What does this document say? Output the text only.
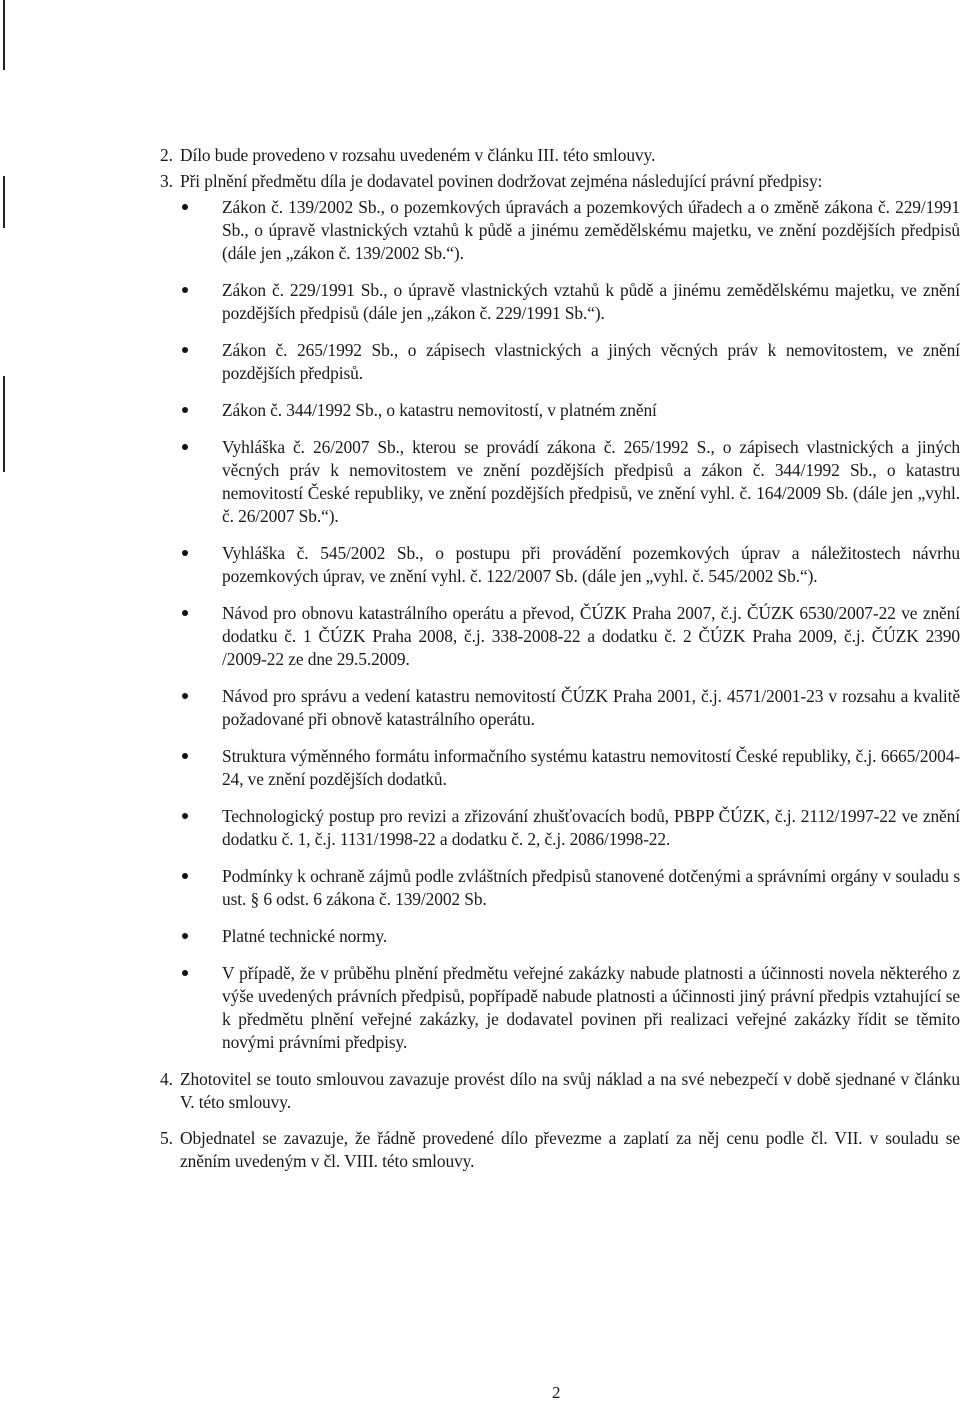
2. Dílo bude provedeno v rozsahu uvedeném v článku III. této smlouvy.
3. Při plnění předmětu díla je dodavatel povinen dodržovat zejména následující právní předpisy:
Zákon č. 139/2002 Sb., o pozemkových úpravách a pozemkových úřadech a o změně zákona č. 229/1991 Sb., o úpravě vlastnických vztahů k půdě a jinému zemědělskému majetku, ve znění pozdějších předpisů (dále jen „zákon č. 139/2002 Sb.“).
Zákon č. 229/1991 Sb., o úpravě vlastnických vztahů k půdě a jinému zemědělskému majetku, ve znění pozdějších předpisů (dále jen „zákon č. 229/1991 Sb.“).
Zákon č. 265/1992 Sb., o zápisech vlastnických a jiných věcných práv k nemovitostem, ve znění pozdějších předpisů.
Zákon č. 344/1992 Sb., o katastru nemovitostí, v platném znění
Vyhláška č. 26/2007 Sb., kterou se provádí zákona č. 265/1992 S., o zápisech vlastnických a jiných věcných práv k nemovitostem ve znění pozdějších předpisů a zákon č. 344/1992 Sb., o katastru nemovitostí České republiky, ve znění pozdějších předpisů, ve znění vyhl. č. 164/2009 Sb. (dále jen „vyhl. č. 26/2007 Sb.“).
Vyhláška č. 545/2002 Sb., o postupu při provádění pozemkových úprav a náležitostech návrhu pozemkových úprav, ve znění vyhl. č. 122/2007 Sb. (dále jen „vyhl. č. 545/2002 Sb.“).
Návod pro obnovu katastrálního operátu a převod, ČÚZK Praha 2007, č.j. ČÚZK 6530/2007-22 ve znění dodatku č. 1 ČÚZK Praha 2008, č.j. 338-2008-22 a dodatku č. 2 ČÚZK Praha 2009, č.j. ČÚZK 2390 /2009-22 ze dne 29.5.2009.
Návod pro správu a vedení katastru nemovitostí ČÚZK Praha 2001, č.j. 4571/2001-23 v rozsahu a kvalitě požadované při obnově katastrálního operátu.
Struktura výměnného formátu informačního systému katastru nemovitostí České republiky, č.j. 6665/2004-24, ve znění pozdějších dodatků.
Technologický postup pro revizi a zřizování zhušťovacích bodů, PBPP ČÚZK, č.j. 2112/1997-22 ve znění dodatku č. 1, č.j. 1131/1998-22 a dodatku č. 2, č.j. 2086/1998-22.
Podmínky k ochraně zájmů podle zvláštních předpisů stanovené dotčenými a správními orgány v souladu s ust. § 6 odst. 6 zákona č. 139/2002 Sb.
Platné technické normy.
V případě, že v průběhu plnění předmětu veřejné zakázky nabude platnosti a účinnosti novela některého z výše uvedených právních předpisů, popřípadě nabude platnosti a účinnosti jiný právní předpis vztahující se k předmětu plnění veřejné zakázky, je dodavatel povinen při realizaci veřejné zakázky řídit se těmito novými právními předpisy.
4. Zhotovitel se touto smlouvou zavazuje provést dílo na svůj náklad a na své nebezpečí v době sjednané v článku V. této smlouvy.
5. Objednatel se zavazuje, že řádně provedené dílo převezme a zaplatí za něj cenu podle čl. VII. v souladu se zněním uvedeným v čl. VIII. této smlouvy.
2
